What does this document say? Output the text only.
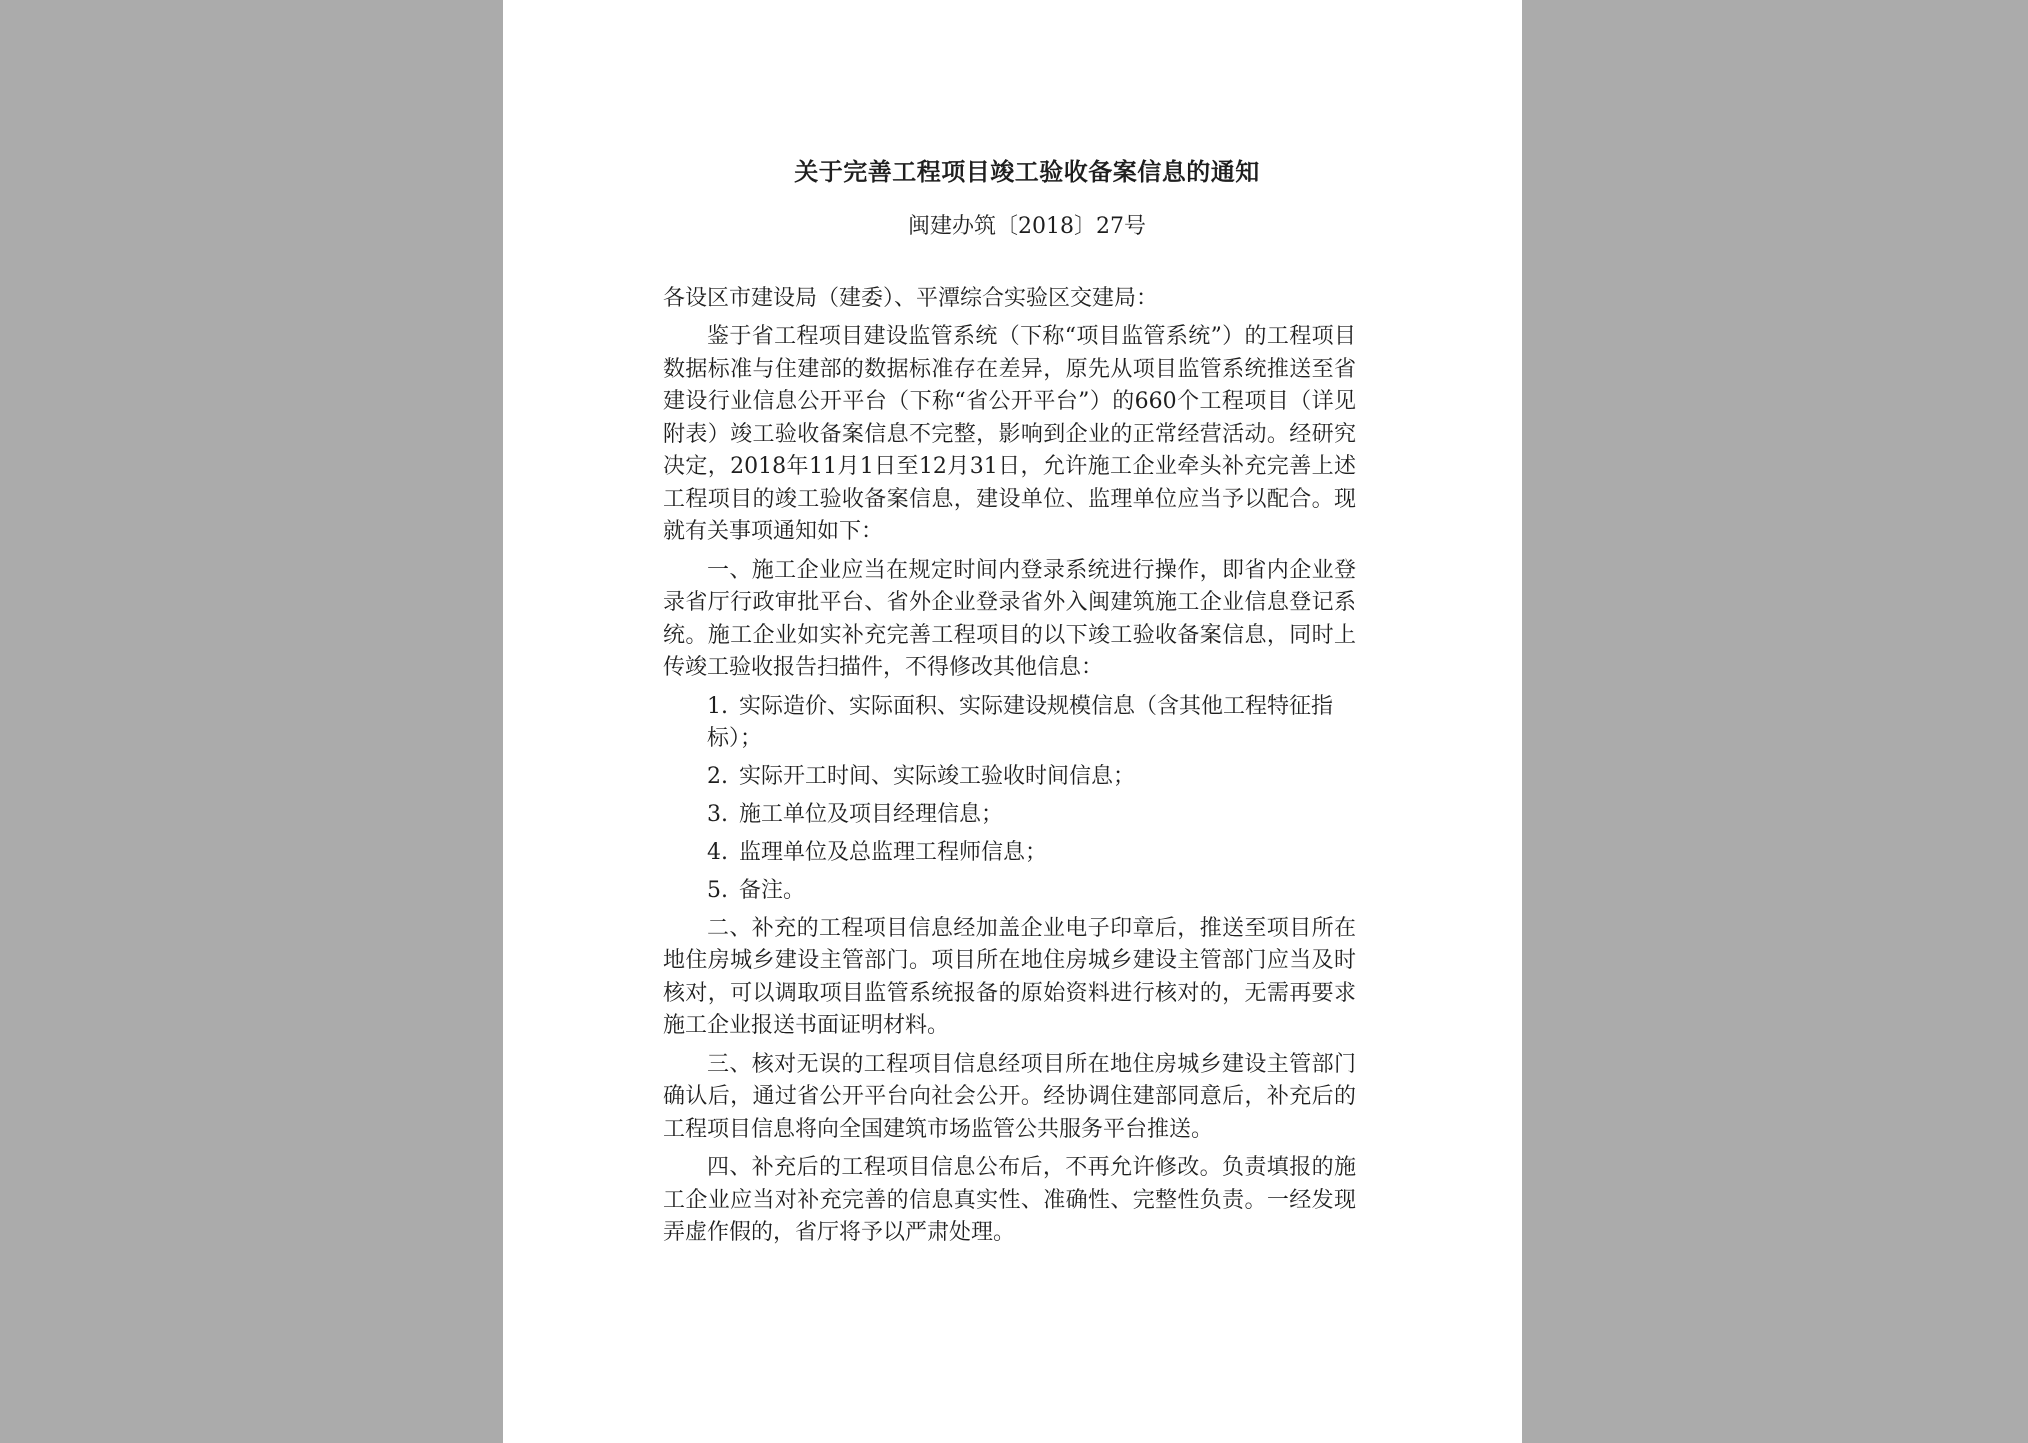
关于完善工程项目竣工验收备案信息的通知
闽建办筑〔2018〕27号
各设区市建设局（建委）、平潭综合实验区交建局：

鉴于省工程项目建设监管系统（下称“项目监管系统”）的工程项目数据标准与住建部的数据标准存在差异，原先从项目监管系统推送至省建设行业信息公开平台（下称“省公开平台”）的660个工程项目（详见附表）竣工验收备案信息不完整，影响到企业的正常经营活动。经研究决定，2018年11月1日至12月31日，允许施工企业牵头补充完善上述工程项目的竣工验收备案信息，建设单位、监理单位应当予以配合。现就有关事项通知如下：

一、施工企业应当在规定时间内登录系统进行操作，即省内企业登录省厅行政审批平台、省外企业登录省外入闽建筑施工企业信息登记系统。施工企业如实补充完善工程项目的以下竣工验收备案信息，同时上传竣工验收报告扫描件，不得修改其他信息：

1. 实际造价、实际面积、实际建设规模信息（含其他工程特征指标）；
2. 实际开工时间、实际竣工验收时间信息；
3. 施工单位及项目经理信息；
4. 监理单位及总监理工程师信息；
5. 备注。

二、补充的工程项目信息经加盖企业电子印章后，推送至项目所在地住房城乡建设主管部门。项目所在地住房城乡建设主管部门应当及时核对，可以调取项目监管系统报备的原始资料进行核对的，无需再要求施工企业报送书面证明材料。

三、核对无误的工程项目信息经项目所在地住房城乡建设主管部门确认后，通过省公开平台向社会公开。经协调住建部同意后，补充后的工程项目信息将向全国建筑市场监管公共服务平台推送。

四、补充后的工程项目信息公布后，不再允许修改。负责填报的施工企业应当对补充完善的信息真实性、准确性、完整性负责。一经发现弄虚作假的，省厅将予以严肃处理。
